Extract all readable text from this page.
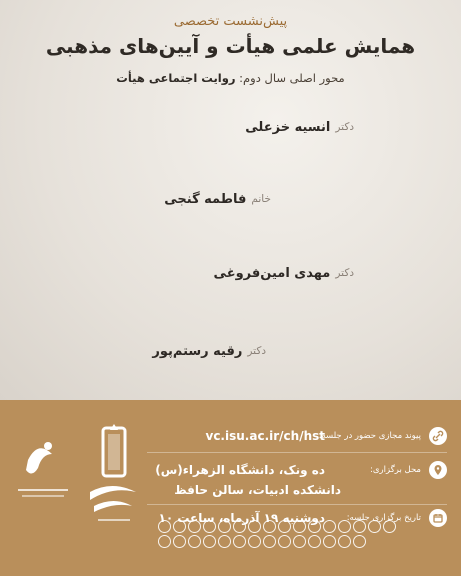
پیش‌نشست تخصصی
همایش علمی هیأت و آیین‌های مذهبی
محور اصلی سال دوم: روایت اجتماعی هیأت
دکتر
انسیه خزعلی
خانم
فاطمه گنجی
دکتر
مهدی امین‌فروغی
دکتر
رقیه رستم‌پور
پیوند مجازی حضور در جلسه:
vc.isu.ac.ir/ch/hst
محل برگزاری:
ده ونک، دانشگاه الزهراء(س)
دانشکده ادبیات، سالن حافظ
تاریخ برگزاری جلسه:
دوشنبه ۱۹ آذرماه، ساعت ۱۰
